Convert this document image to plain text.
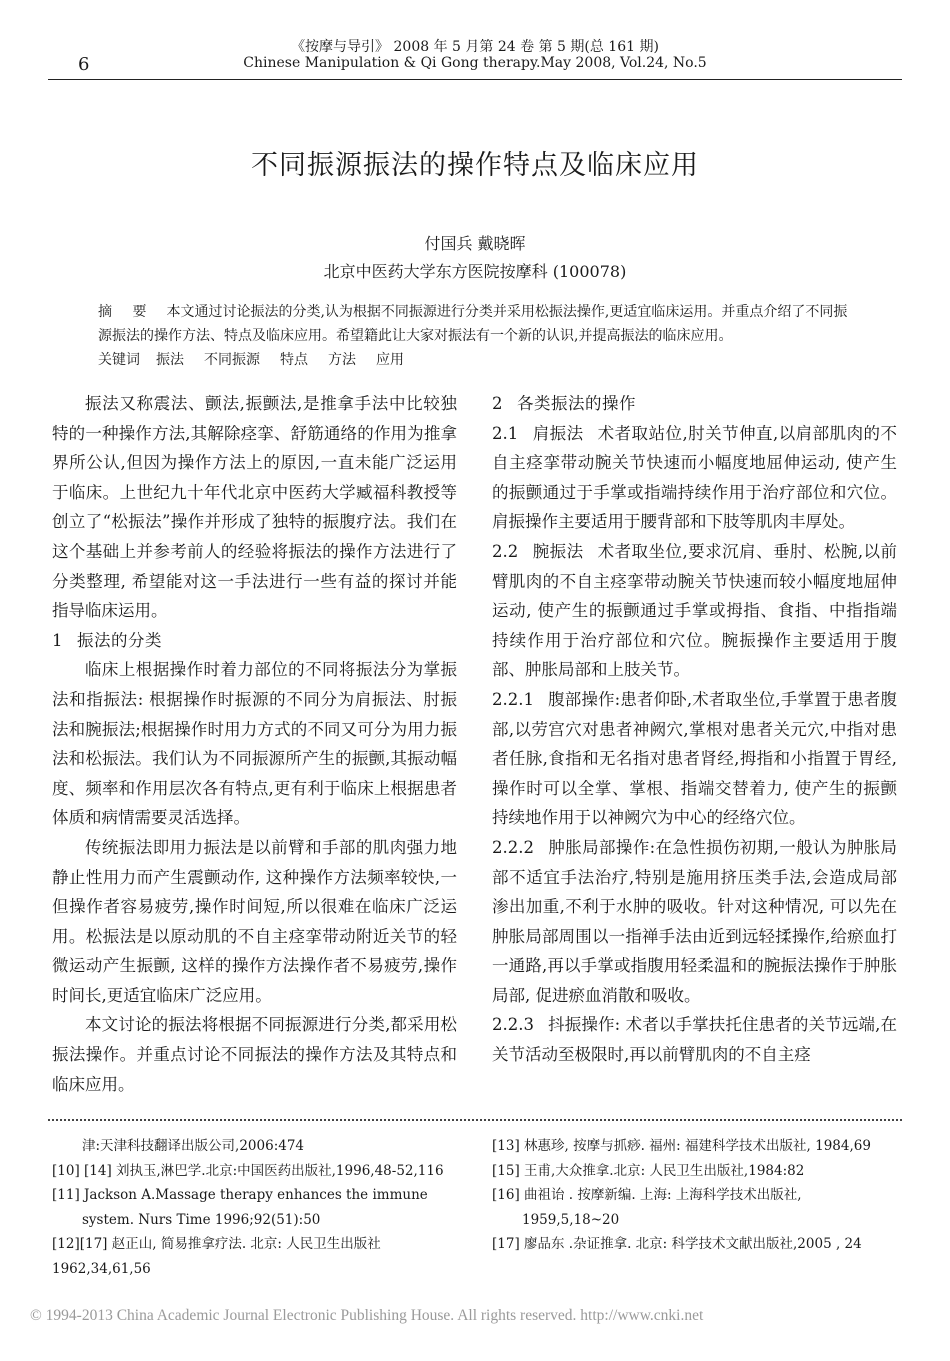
6
《按摩与导引》 2008 年 5 月第 24 卷 第 5 期(总 161 期)
Chinese Manipulation & Qi Gong therapy.May 2008, Vol.24, No.5
不同振源振法的操作特点及临床应用
付国兵 戴晓晖
北京中医药大学东方医院按摩科 (100078)

摘 要 本文通过讨论振法的分类,认为根据不同振源进行分类并采用松振法操作,更适宜临床运用。并重点介绍了不同振源振法的操作方法、特点及临床应用。希望籍此让大家对振法有一个新的认识,并提高振法的临床应用。

关键词 振法 不同振源 特点 方法 应用

振法又称震法、颤法,振颤法,是推拿手法中比较独特的一种操作方法,其解除痉挛、舒筋通络的作用为推拿界所公认,但因为操作方法上的原因,一直未能广泛运用于临床。上世纪九十年代北京中医药大学臧福科教授等创立了“松振法”操作并形成了独特的振腹疗法。我们在这个基础上并参考前人的经验将振法的操作方法进行了分类整理, 希望能对这一手法进行一些有益的探讨并能指导临床运用。

1 振法的分类

临床上根据操作时着力部位的不同将振法分为掌振法和指振法: 根据操作时振源的不同分为肩振法、肘振法和腕振法;根据操作时用力方式的不同又可分为用力振法和松振法。我们认为不同振源所产生的振颤,其振动幅度、频率和作用层次各有特点,更有利于临床上根据患者体质和病情需要灵活选择。

传统振法即用力振法是以前臂和手部的肌肉强力地静止性用力而产生震颤动作, 这种操作方法频率较快,一但操作者容易疲劳,操作时间短,所以很难在临床广泛运用。松振法是以原动肌的不自主痉挛带动附近关节的轻微运动产生振颤, 这样的操作方法操作者不易疲劳,操作时间长,更适宜临床广泛应用。

本文讨论的振法将根据不同振源进行分类,都采用松振法操作。并重点讨论不同振法的操作方法及其特点和临床应用。

2 各类振法的操作

2.1 肩振法 术者取站位,肘关节伸直,以肩部肌肉的不自主痉挛带动腕关节快速而小幅度地屈伸运动, 使产生的振颤通过于手掌或指端持续作用于治疗部位和穴位。肩振操作主要适用于腰背部和下肢等肌肉丰厚处。

2.2 腕振法 术者取坐位,要求沉肩、垂肘、松腕,以前臂肌肉的不自主痉挛带动腕关节快速而较小幅度地屈伸运动, 使产生的振颤通过手掌或拇指、食指、中指指端持续作用于治疗部位和穴位。腕振操作主要适用于腹部、肿胀局部和上肢关节。

2.2.1 腹部操作:患者仰卧,术者取坐位,手掌置于患者腹部,以劳宫穴对患者神阙穴,掌根对患者关元穴,中指对患者任脉,食指和无名指对患者肾经,拇指和小指置于胃经,操作时可以全掌、掌根、指端交替着力, 使产生的振颤持续地作用于以神阙穴为中心的经络穴位。

2.2.2 肿胀局部操作:在急性损伤初期,一般认为肿胀局部不适宜手法治疗,特别是施用挤压类手法,会造成局部渗出加重,不利于水肿的吸收。针对这种情况, 可以先在肿胀局部周围以一指禅手法由近到远轻揉操作,给瘀血打一通路,再以手掌或指腹用轻柔温和的腕振法操作于肿胀局部, 促进瘀血消散和吸收。

2.2.3 抖振操作: 术者以手掌扶托住患者的关节远端,在关节活动至极限时,再以前臂肌肉的不自主痉

津:天津科技翻译出版公司,2006:474

[10] [14] 刘执玉,淋巴学.北京:中国医药出版社,1996,48-52,116

[11] Jackson A.Massage therapy enhances the immune system. Nurs Time 1996;92(51):50

[12][17] 赵正山, 简易推拿疗法. 北京: 人民卫生出版社 1962,34,61,56

[13] 林惠珍, 按摩与抓痧. 福州: 福建科学技术出版社, 1984,69

[15] 王甫,大众推拿.北京: 人民卫生出版社,1984:82

[16] 曲祖诒 . 按摩新编. 上海: 上海科学技术出版社, 1959,5,18~20

[17] 廖品东 .杂证推拿. 北京: 科学技术文献出版社,2005 , 24

© 1994-2013 China Academic Journal Electronic Publishing House. All rights reserved. http://www.cnki.net
